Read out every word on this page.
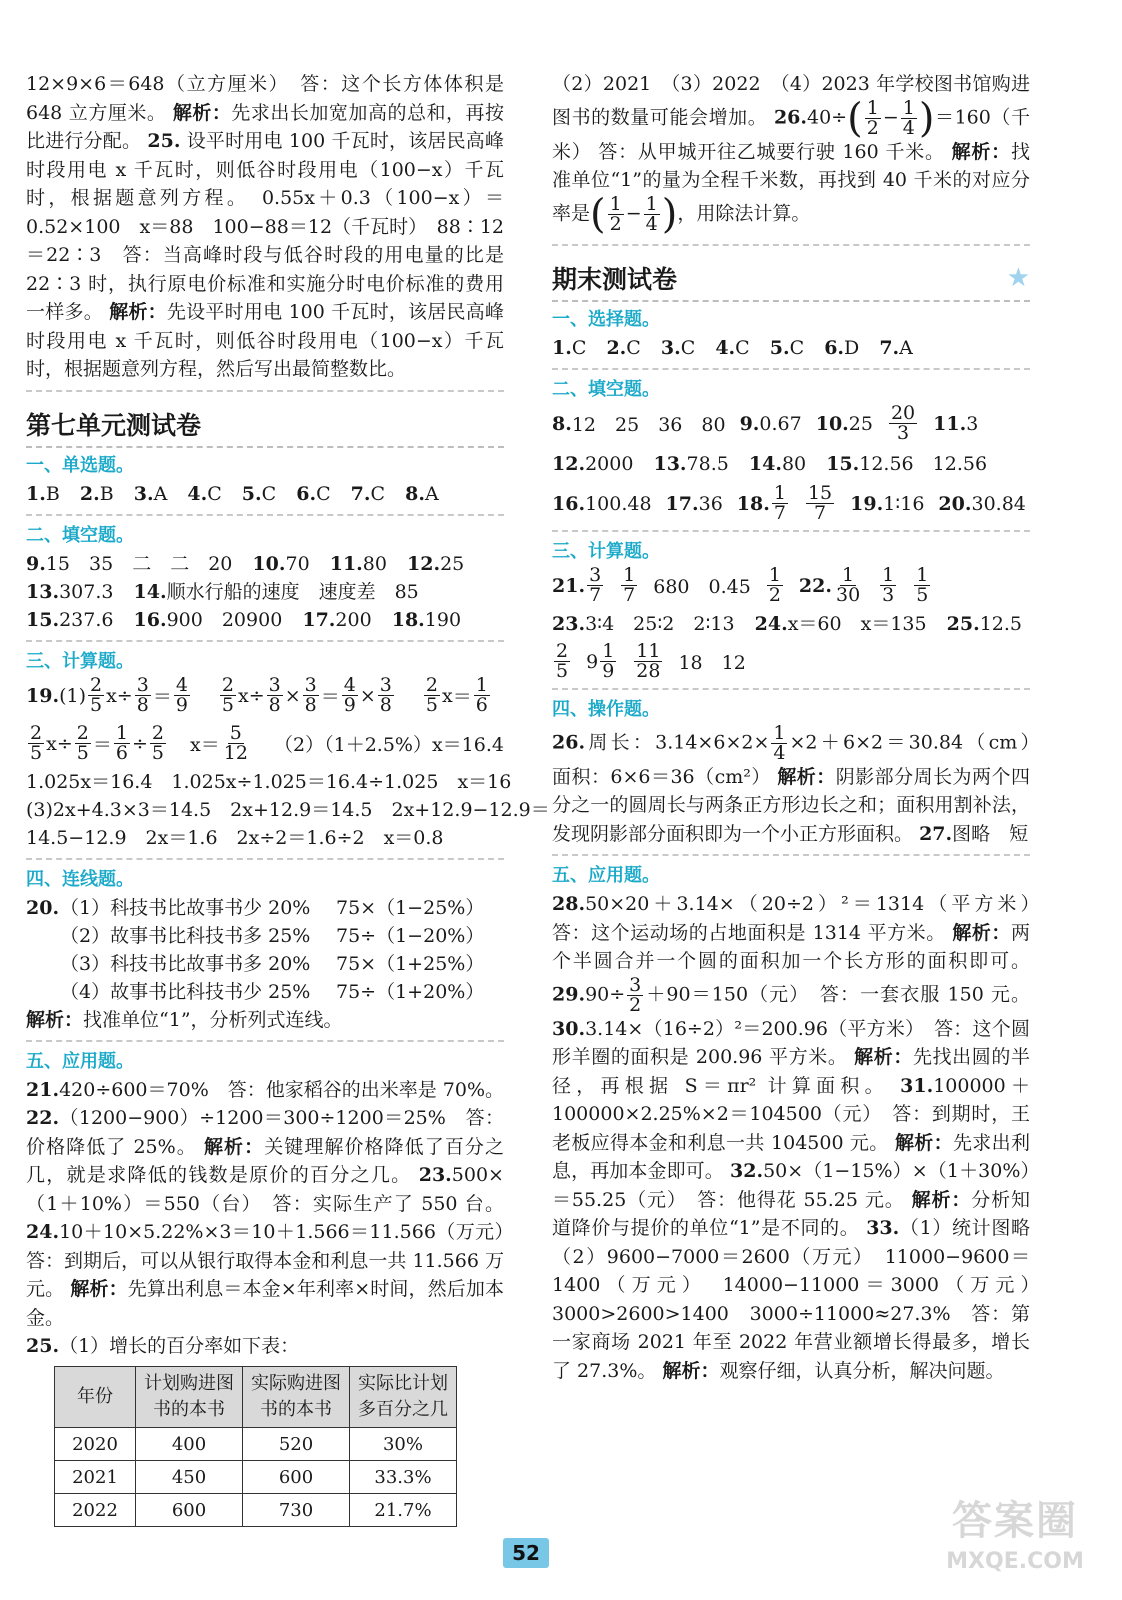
12×9×6＝648（立方厘米）　答：这个长方体体积是 648 立方厘米。 解析：先求出长加宽加高的总和，再按比进行分配。 25. 设平时用电 100 千瓦时，该居民高峰时段用电 x 千瓦时，则低谷时段用电（100−x）千瓦时，根据题意列方程。　0.55x＋0.3（100−x）＝0.52×100　x＝88　100−88＝12（千瓦时）　88∶12＝22∶3　答：当高峰时段与低谷时段的用电量的比是 22∶3 时，执行原电价标准和实施分时电价标准的费用一样多。 解析：先设平时用电 100 千瓦时，该居民高峰时段用电 x 千瓦时，则低谷时段用电（100−x）千瓦时，根据题意列方程，然后写出最简整数比。
第七单元测试卷
一、单选题。
1.B 2.B 3.A 4.C 5.C 6.C 7.C 8.A
二、填空题。
9.15　35　二　二　20 10.70 11.80 12.25
13.307.3 14.顺水行船的速度　速度差　85
15.237.6 16.900　20900 17.200 18.190
三、计算题。
19. $(1) \frac{2}{5}$ $x \div \frac{3}{8} = \frac{4}{9} \frac{2}{5}$ $x \div \frac{3}{8} \times \frac{3}{8} = \frac{4}{9} \times \frac{3}{8} \frac{2}{5}$ $x = \frac{1}{6}$
$\frac{2}{5}$ $x \div \frac{2}{5} = \frac{1}{6} \div \frac{2}{5} x= \frac{5}{12} (2)(1+2.5\%)x=16.4$
1.025x＝16.4　1.025x÷1.025＝16.4÷1.025　x＝16
(3)2x+4.3×3＝14.5　2x+12.9＝14.5　2x+12.9−12.9＝
14.5−12.9　2x＝1.6　2x÷2＝1.6÷2　x＝0.8
四、连线题。
20.（1）科技书比故事书少 20% 75×（1−25%）
（2）故事书比科技书多 25% 75÷（1−20%）
（3）科技书比故事书多 20% 75×（1+25%）
（4）故事书比科技书少 25% 75÷（1+20%）
解析：找准单位“1”，分析列式连线。
五、应用题。
21.420÷600＝70%　答：他家稻谷的出米率是 70%。 22.（1200−900）÷1200＝300÷1200＝25%　答：价格降低了 25%。 解析：关键理解价格降低了百分之几，就是求降低的钱数是原价的百分之几。 23.500×（1＋10%）＝550（台）　答：实际生产了 550 台。 24.10＋10×5.22%×3＝10＋1.566＝11.566（万元）　答：到期后，可以从银行取得本金和利息一共 11.566 万元。 解析：先算出利息＝本金×年利率×时间，然后加本金。
25.（1）增长的百分率如下表：
年份	计划购进图书的本书	实际购进图书的本书	实际比计划多百分之几
2020	400	520	30%
2021	450	600	33.3%
2022	600	730	21.7%
（2）2021　（3）2022　（4）2023 年学校图书馆购进图书的数量可能会增加。 $26.40\div( \frac{1}{2} - \frac{1}{4} )=160$（千米） 答：从甲城开往乙城要行驶 160 千米。 解析：找准单位“1”的量为全程千米数，再找到 40 千米的对应分率是( $\frac{1}{2} - \frac{1}{4}$ )，用除法计算。
期末测试卷	★
一、选择题。
1.C 2.C 3.C 4.C 5.C 6.D 7.A
二、填空题。
8. 12　25　36　80 9. 0.67 10. $25 \frac{20}{3} 11$. 3
12.2000 13.78.5 14.80 15.12.56　12.56
16. 100.48 17. 36 18. $\frac{1}{7} \frac{15}{7} 19$. 1∶16 20. 30.84
三、计算题。
21. $\frac{3}{7} \frac{1}{7} 680$　$0.45 \frac{1}{2} 22$. $\frac{1}{30} \frac{1}{3} \frac{1}{5}$
23.3∶4　25∶2　2∶13 24.x＝60　x＝135 25.12.5
$\frac{2}{5} 9 \frac{1}{9} \frac{11}{28} 18$　12
四、操作题。
26.周长：$3.14\times 6\times 2\times \frac{1}{4} \times 2+6\times 2=30.84(cm)$　面积：6×6＝36（cm²） 解析：阴影部分周长为两个四分之一的圆周长与两条正方形边长之和；面积用割补法，发现阴影部分面积即为一个小正方形面积。 27.图略　短
五、应用题。
28.50×20＋3.14×（20÷2）²＝1314（平方米）　答：这个运动场的占地面积是 1314 平方米。 解析：两个半圆合并一个圆的面积加一个长方形的面积即可。 $29.90\div \frac{3}{2} +90=150$（元）　答：一套衣服 150 元。 30.3.14×（16÷2）²＝200.96（平方米）　答：这个圆形羊圈的面积是 200.96 平方米。 解析：先找出圆的半径，再根据 S＝πr² 计算面积。 31.100000＋100000×2.25%×2＝104500（元）　答：到期时，王老板应得本金和利息一共 104500 元。 解析：先求出利息，再加本金即可。 32.50×（1−15%）×（1＋30%）＝55.25（元）　答：他得花 55.25 元。 解析：分析知道降价与提价的单位“1”是不同的。 33.（1）统计图略　（2）9600−7000＝2600（万元）　11000−9600＝1400（万元）　14000−11000＝3000（万元）　3000>2600>1400　3000÷11000≈27.3%　答：第一家商场 2021 年至 2022 年营业额增长得最多，增长了 27.3%。 解析：观察仔细，认真分析，解决问题。
52
答案圈
MXQE.COM
